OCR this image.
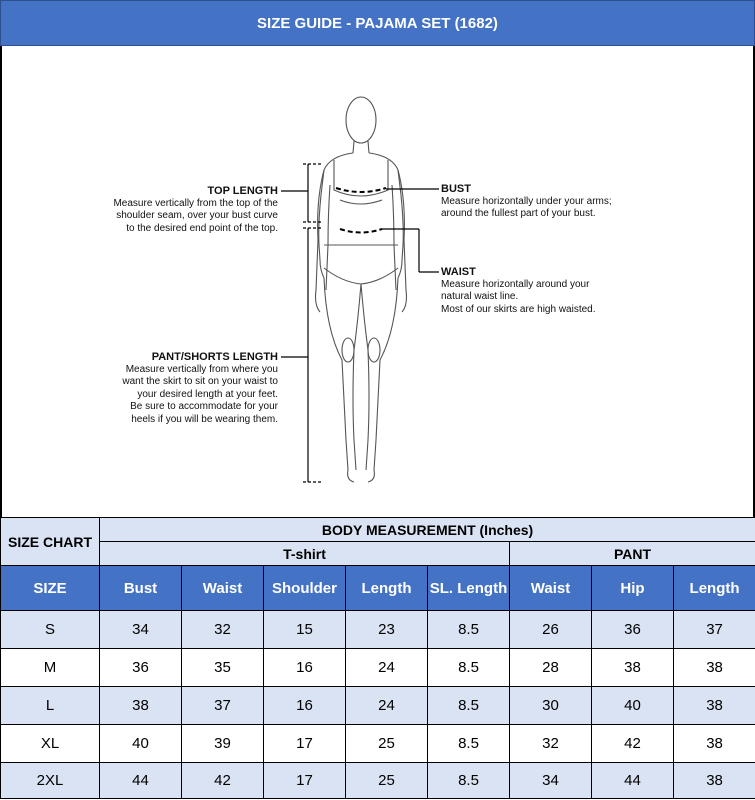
SIZE GUIDE - PAJAMA SET (1682)
TOP LENGTH
Measure vertically from the top of the
shoulder seam, over your bust curve
to the desired end point of the top.
BUST
Measure horizontally under your arms;
around the fullest part of your bust.
WAIST
Measure horizontally around your
natural waist line.
Most of our skirts are high waisted.
PANT/SHORTS LENGTH
Measure vertically from where you
want the skirt to sit on your waist to
your desired length at your feet.
Be sure to accommodate for your
heels if you will be wearing them.
SIZE CHART	BODY MEASUREMENT (Inches)							
	T-shirt					PANT		
SIZE	Bust	Waist	Shoulder	Length	SL. Length	Waist	Hip	Length
S	34	32	15	23	8.5	26	36	37
M	36	35	16	24	8.5	28	38	38
L	38	37	16	24	8.5	30	40	38
XL	40	39	17	25	8.5	32	42	38
2XL	44	42	17	25	8.5	34	44	38
